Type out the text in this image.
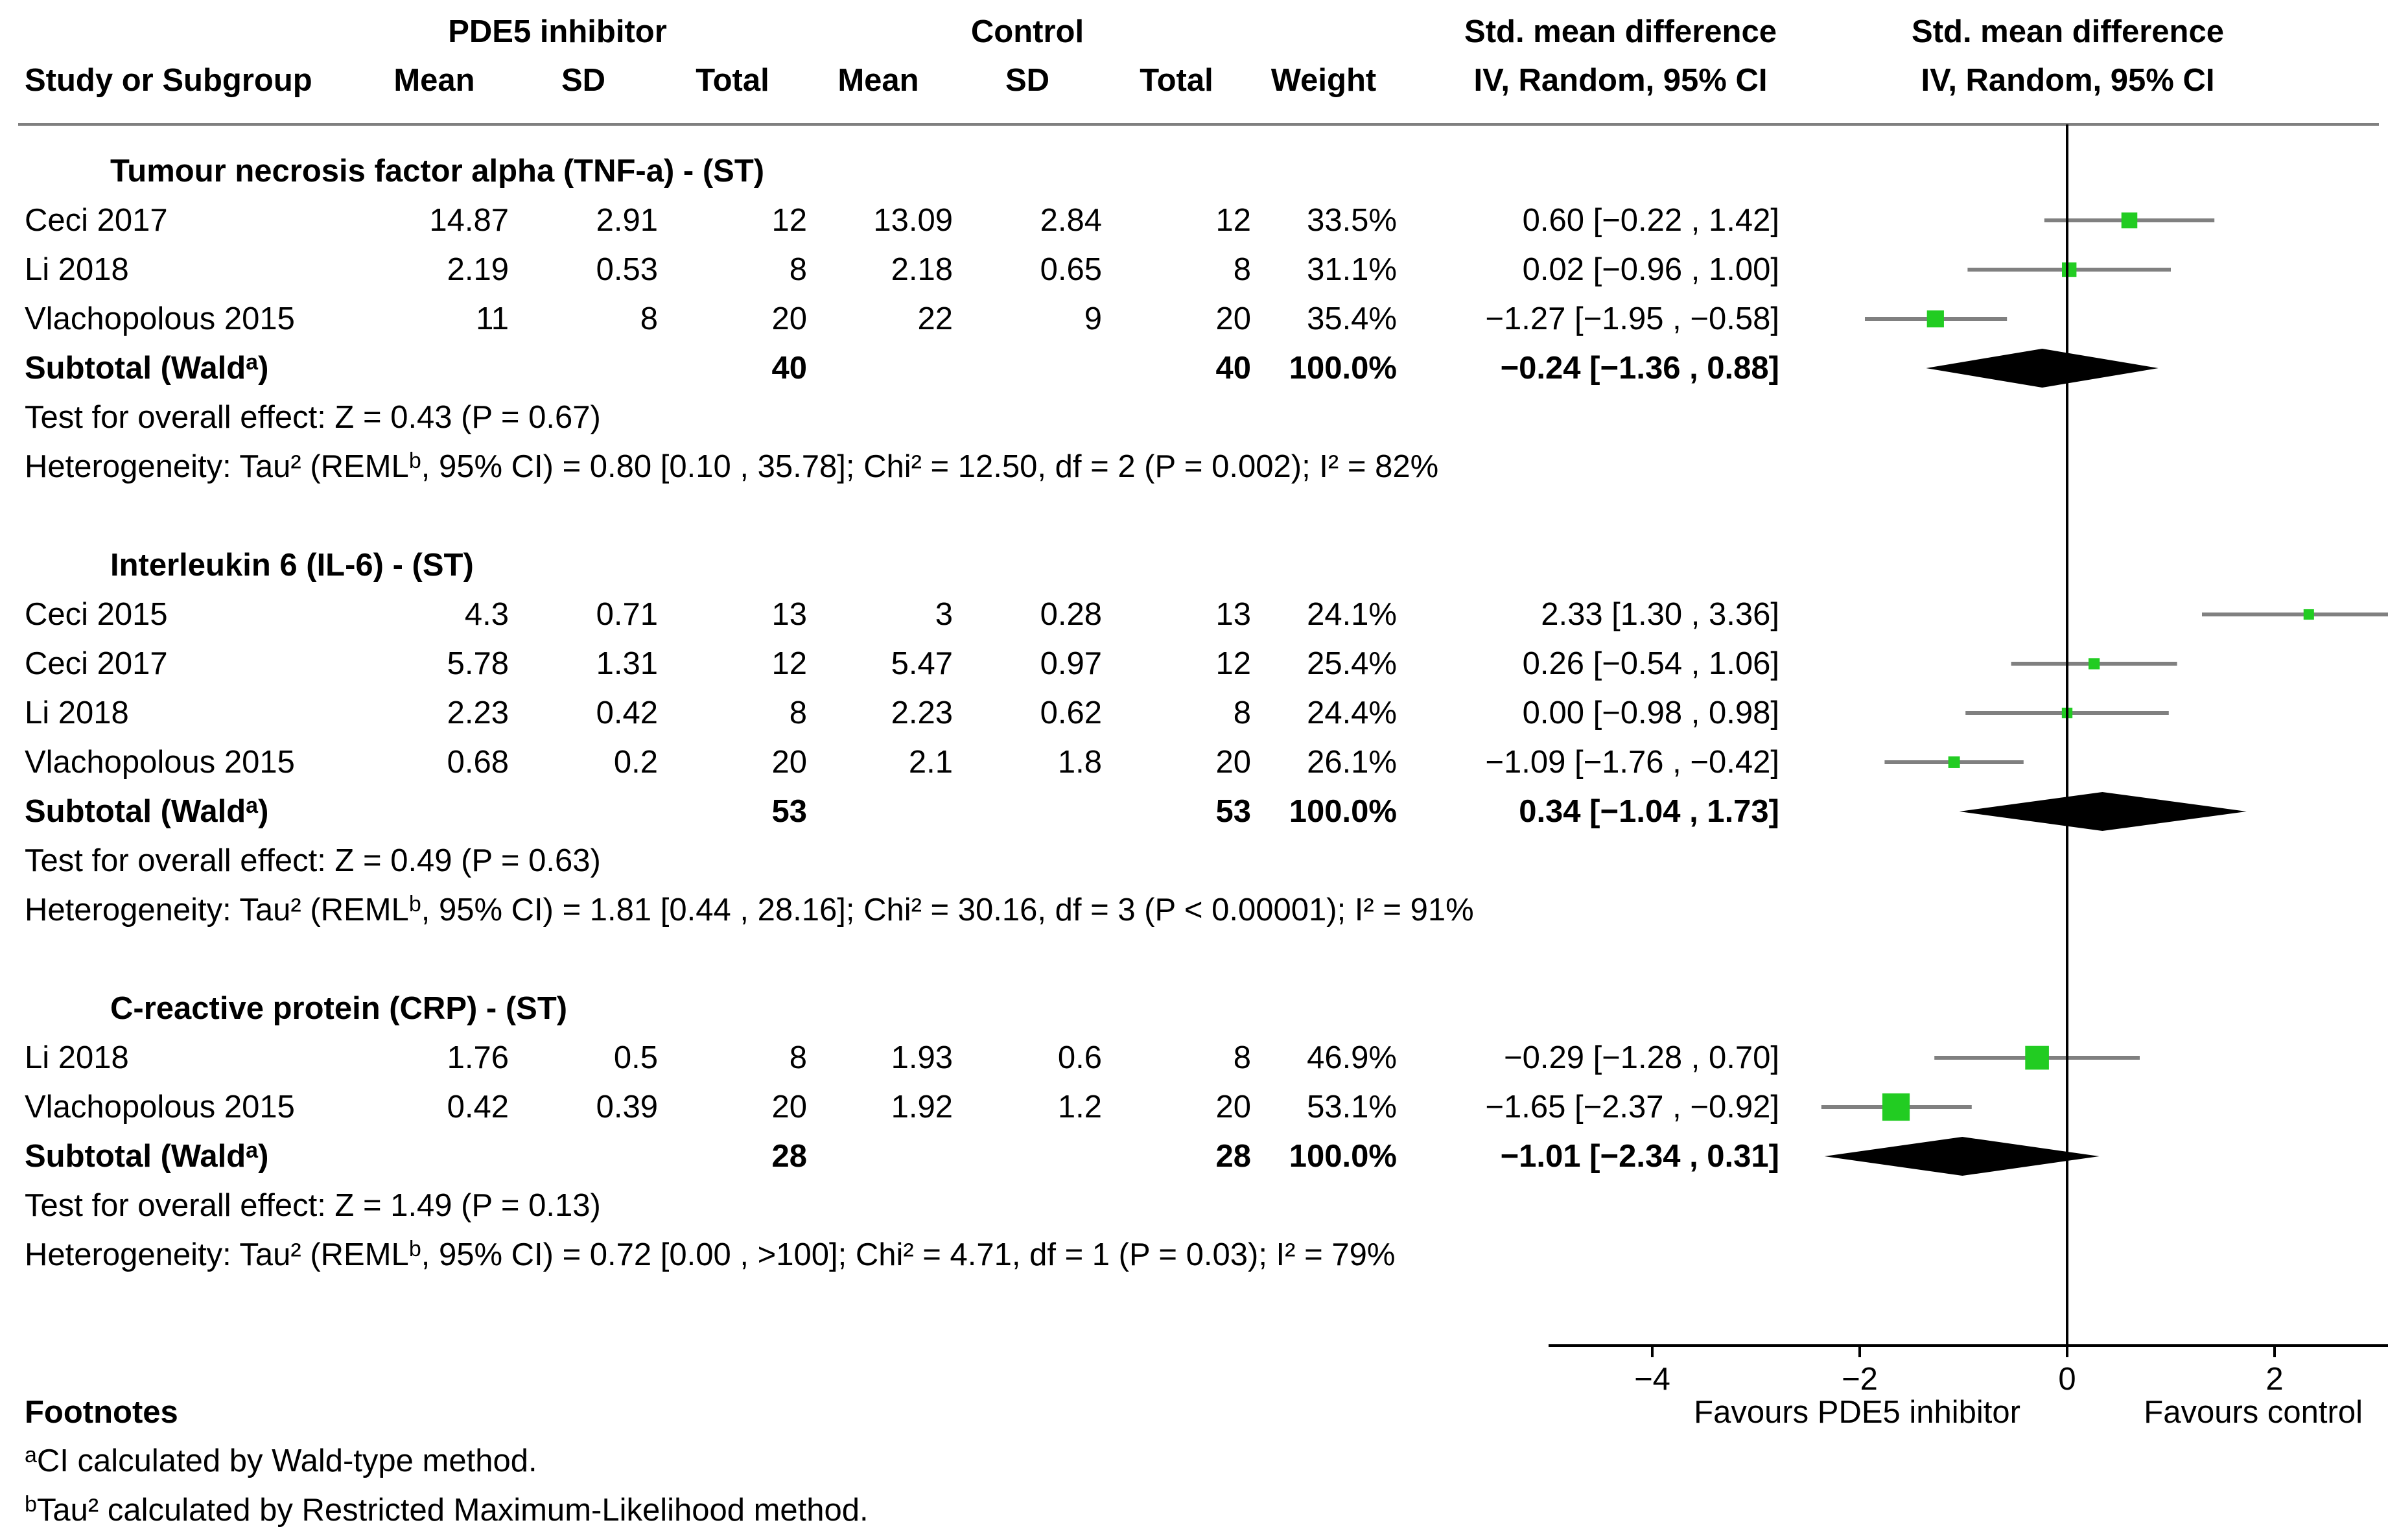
PDE5 inhibitor	Control	Std. mean difference	Std. mean difference
Study or Subgroup	Mean	SD	Total Mean	SD	Total Weight	IV, Random, 95% CI	IV, Random, 95% CI
Tumour necrosis factor alpha (TNF-a) - (ST)
Ceci 2017	14.87	2.91	12 13.09	2.84	12 33.5%	0.60 [−0.22 , 1.42]
Li 2018	2.19	0.53	8	2.18	0.65	8 31.1%	0.02 [−0.96 , 1.00]
Vlachopolous 2015	11	8	20	22	9	20 35.4%	−1.27 [−1.95 , −0.58]
Subtotal (Wald$^a$)	40	40 100.0%	−0.24 [−1.36 , 0.88]
Test for overall effect: Z = 0.43 (P = 0.67)
Heterogeneity: Tau² (REML$^b$, 95% CI) = 0.80 [0.10 , 35.78]; Chi² = 12.50, df = 2 (P = 0.002); I² = 82%
Interleukin 6 (IL-6) - (ST)
Ceci 2015	4.3	0.71	13	3	0.28	13 24.1%	2.33 [1.30 , 3.36]
Ceci 2017	5.78	1.31	12	5.47	0.97	12 25.4%	0.26 [−0.54 , 1.06]
Li 2018	2.23	0.42	8	2.23	0.62	8 24.4%	0.00 [−0.98 , 0.98]
Vlachopolous 2015	0.68	0.2	20	2.1	1.8	20 26.1%	−1.09 [−1.76 , −0.42]
Subtotal (Wald$^a$)	53	53 100.0%	0.34 [−1.04 , 1.73]
Test for overall effect: Z = 0.49 (P = 0.63)
Heterogeneity: Tau² (REML$^b$, 95% CI) = 1.81 [0.44 , 28.16]; Chi² = 30.16, df = 3 (P < 0.00001); I² = 91%
C-reactive protein (CRP) - (ST)
Li 2018	1.76	0.5	8	1.93	0.6	8 46.9%	−0.29 [−1.28 , 0.70]
Vlachopolous 2015	0.42	0.39	20	1.92	1.2	20 53.1%	−1.65 [−2.37 , −0.92]
Subtotal (Wald$^a$)	28	28 100.0%	−1.01 [−2.34 , 0.31]
Test for overall effect: Z = 1.49 (P = 0.13)
Heterogeneity: Tau² (REML$^b$, 95% CI) = 0.72 [0.00 , >100]; Chi² = 4.71, df = 1 (P = 0.03); I² = 79%
−4	−2	0	2
Favours PDE5 inhibitor	Favours control
Footnotes
$^a$CI calculated by Wald-type method.
$^b$Tau² calculated by Restricted Maximum-Likelihood method.
